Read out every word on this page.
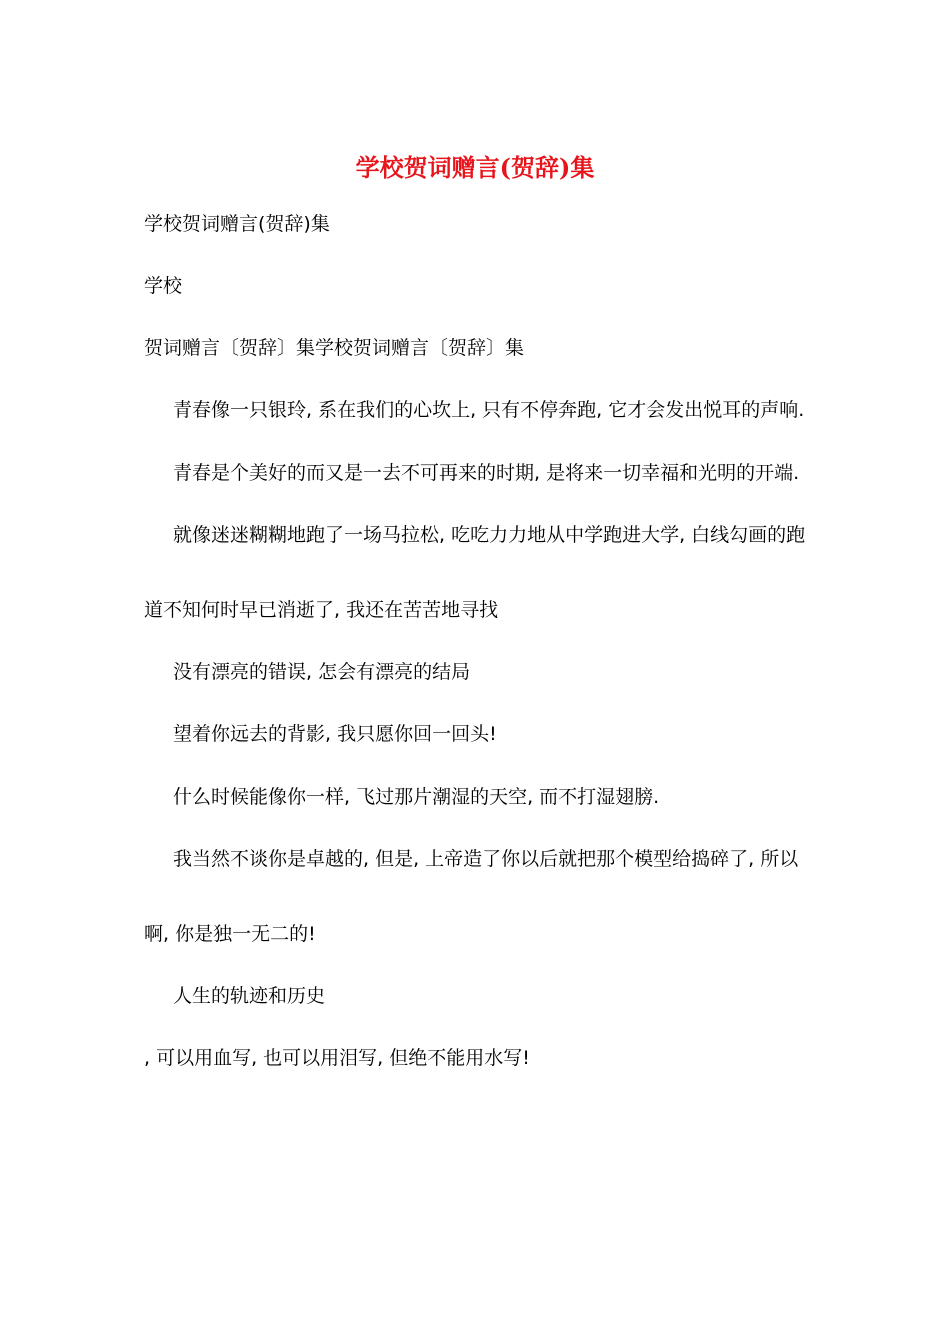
学校贺词赠言(贺辞)集

学校贺词赠言(贺辞)集

学校

贺词赠言〔贺辞〕集学校贺词赠言〔贺辞〕集

青春像一只银玲, 系在我们的心坎上, 只有不停奔跑, 它才会发出悦耳的声响.

青春是个美好的而又是一去不可再来的时期, 是将来一切幸福和光明的开端.

就像迷迷糊糊地跑了一场马拉松, 吃吃力力地从中学跑进大学, 白线勾画的跑

道不知何时早已消逝了, 我还在苦苦地寻找

没有漂亮的错误, 怎会有漂亮的结局

望着你远去的背影, 我只愿你回一回头!

什么时候能像你一样, 飞过那片潮湿的天空, 而不打湿翅膀.

我当然不谈你是卓越的, 但是, 上帝造了你以后就把那个模型给捣碎了, 所以

啊, 你是独一无二的!

人生的轨迹和历史

, 可以用血写, 也可以用泪写, 但绝不能用水写!
